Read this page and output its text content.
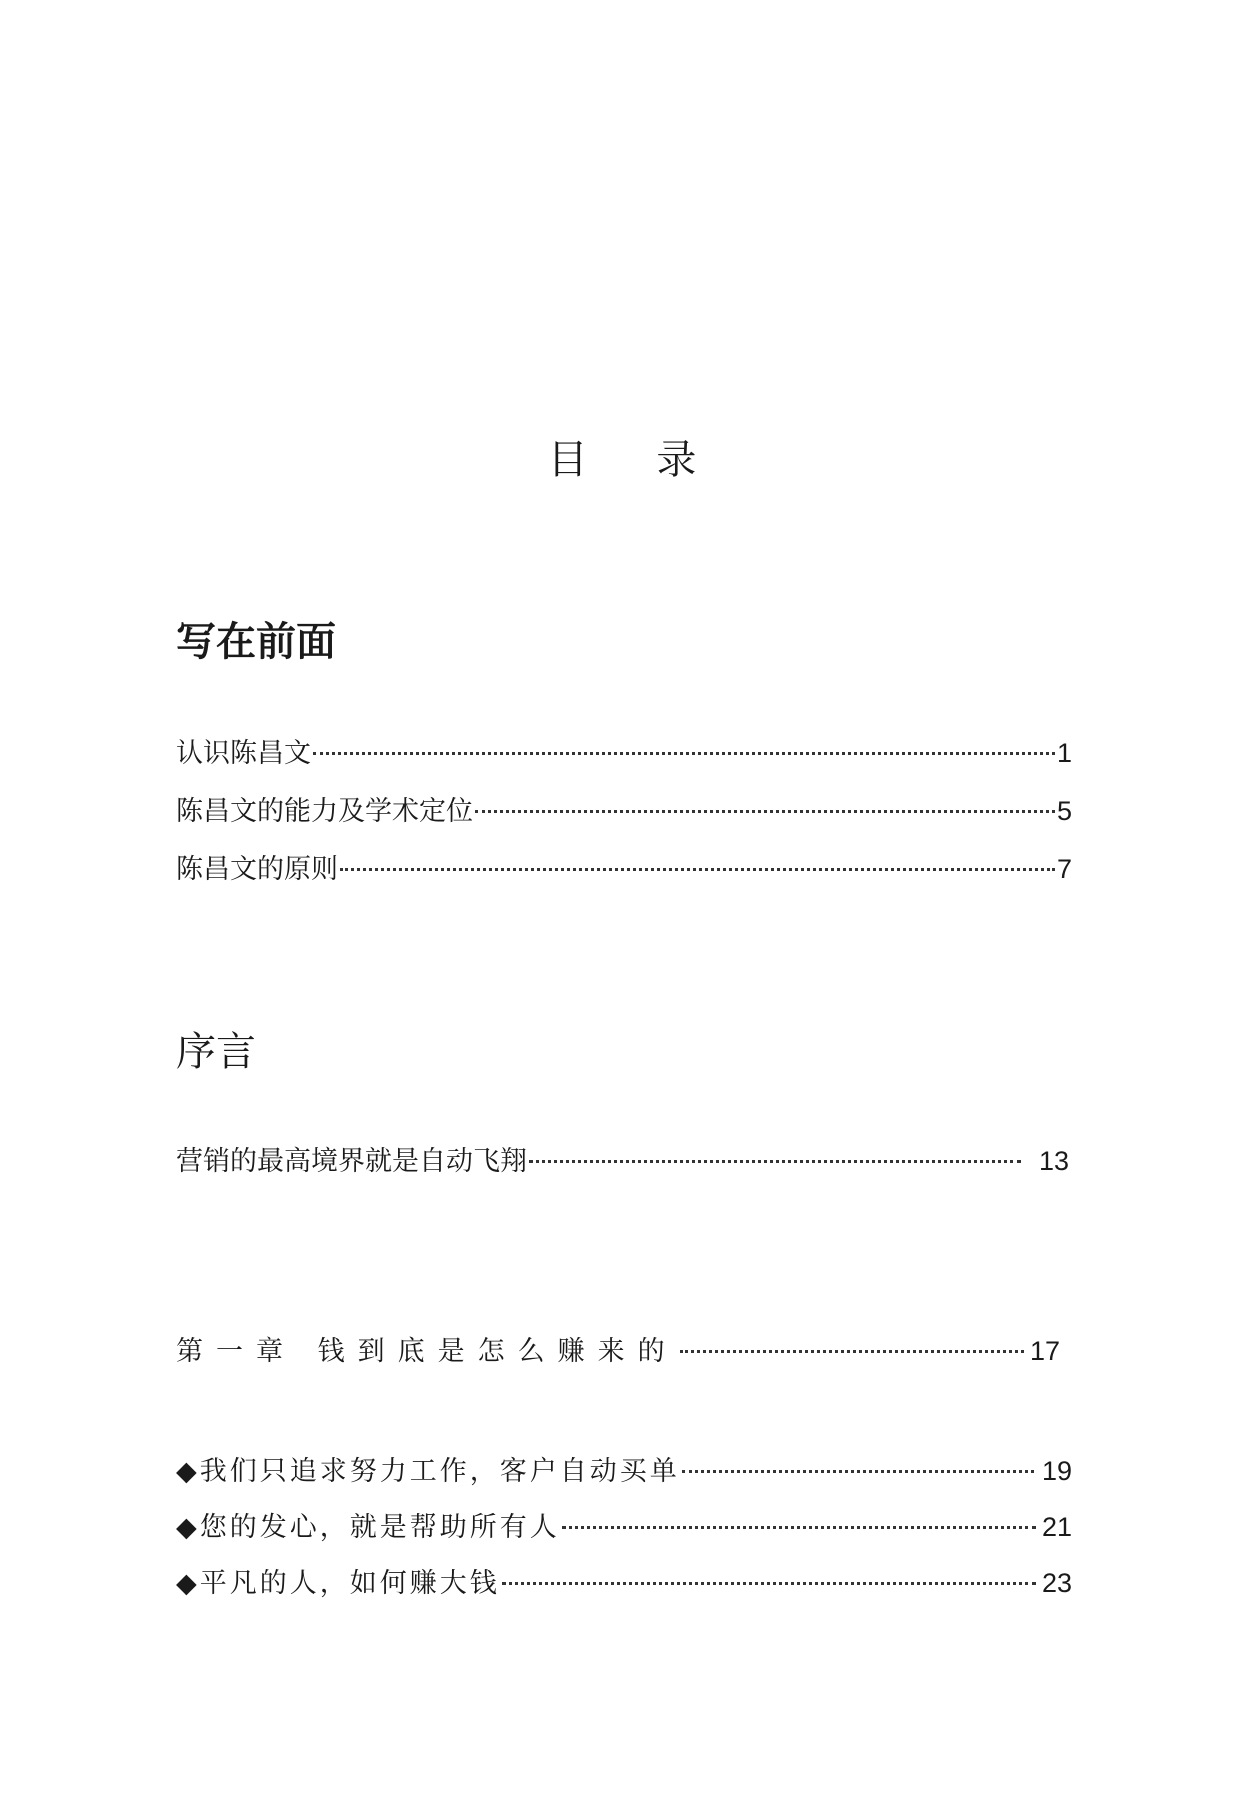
目 录
写在前面
认识陈昌文	1
陈昌文的能力及学术定位	5
陈昌文的原则	7
序言
营销的最高境界就是自动飞翔	13
第一章 钱到底是怎么赚来的	17
◆我们只追求努力工作，客户自动买单	19
◆您的发心，就是帮助所有人	21
◆平凡的人，如何赚大钱	23
